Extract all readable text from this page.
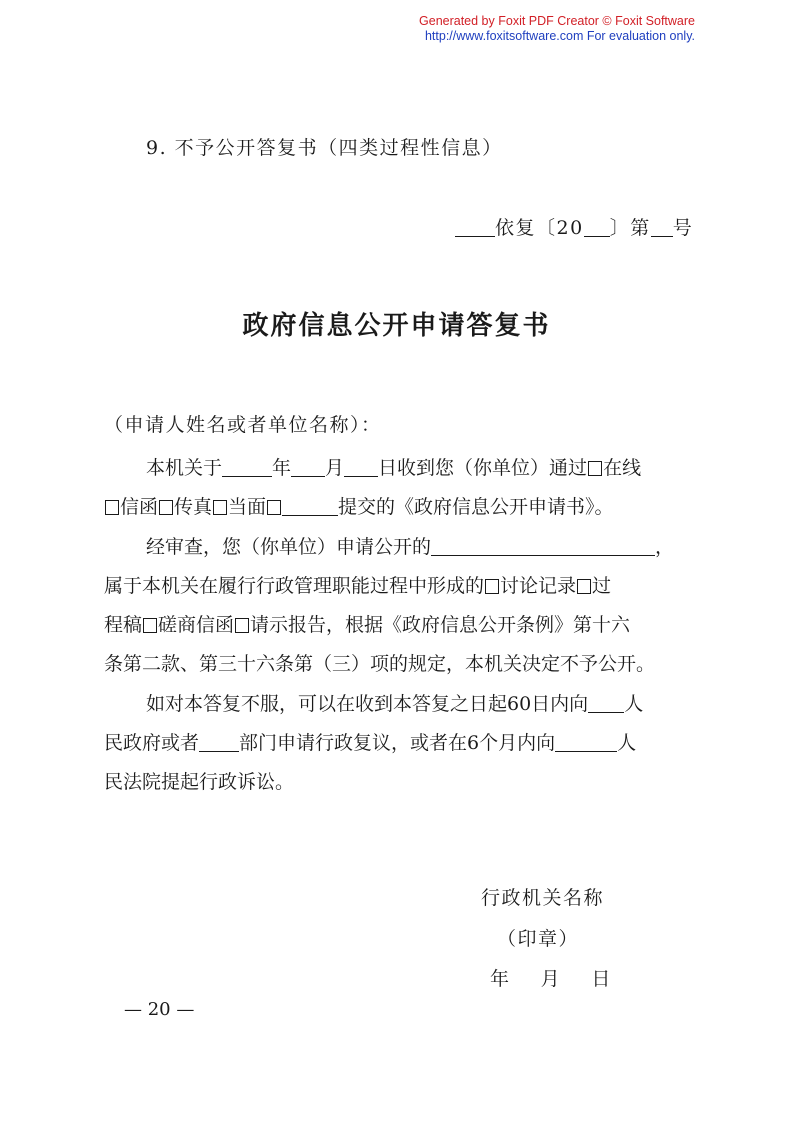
Generated by Foxit PDF Creator © Foxit Software
http://www.foxitsoftware.com For evaluation only.
9. 不予公开答复书（四类过程性信息）
依复〔20 〕第 号
政府信息公开申请答复书
（申请人姓名或者单位名称）：
本机关于	年 月 日收到您（你单位）通过 在线
信函 传真 当面	提交的《政府信息公开申请书》。
经审查，您（你单位）申请公开的	，
属于本机关在履行行政管理职能过程中形成的 讨论记录 过
程稿 磋商信函 请示报告，根据《政府信息公开条例》第十六
条第二款、第三十六条第（三）项的规定，本机关决定不予公开。
如对本答复不服，可以在收到本答复之日起60日内向 人
民政府或者 部门申请行政复议，或者在6个月内向	人
民法院提起行政诉讼。
行政机关名称
（印章）
年    月    日
— 20 —
